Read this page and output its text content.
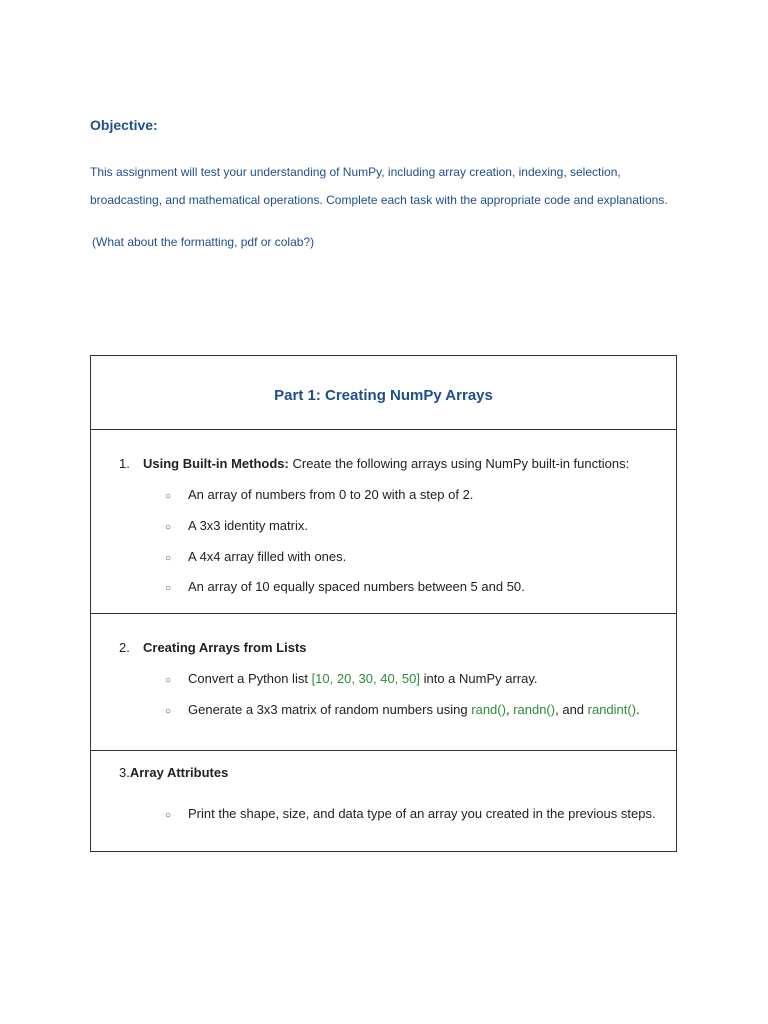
Objective:
This assignment will test your understanding of NumPy, including array creation, indexing, selection,
broadcasting, and mathematical operations. Complete each task with the appropriate code and explanations.
(What about the formatting, pdf or colab?)
Part 1: Creating NumPy Arrays
1. Using Built-in Methods: Create the following arrays using NumPy built-in functions:
○ An array of numbers from 0 to 20 with a step of 2.
○ A 3x3 identity matrix.
○ A 4x4 array filled with ones.
○ An array of 10 equally spaced numbers between 5 and 50.
2. Creating Arrays from Lists
○ Convert a Python list [10, 20, 30, 40, 50] into a NumPy array.
○ Generate a 3x3 matrix of random numbers using rand(), randn(), and randint().
3.Array Attributes
○ Print the shape, size, and data type of an array you created in the previous steps.
